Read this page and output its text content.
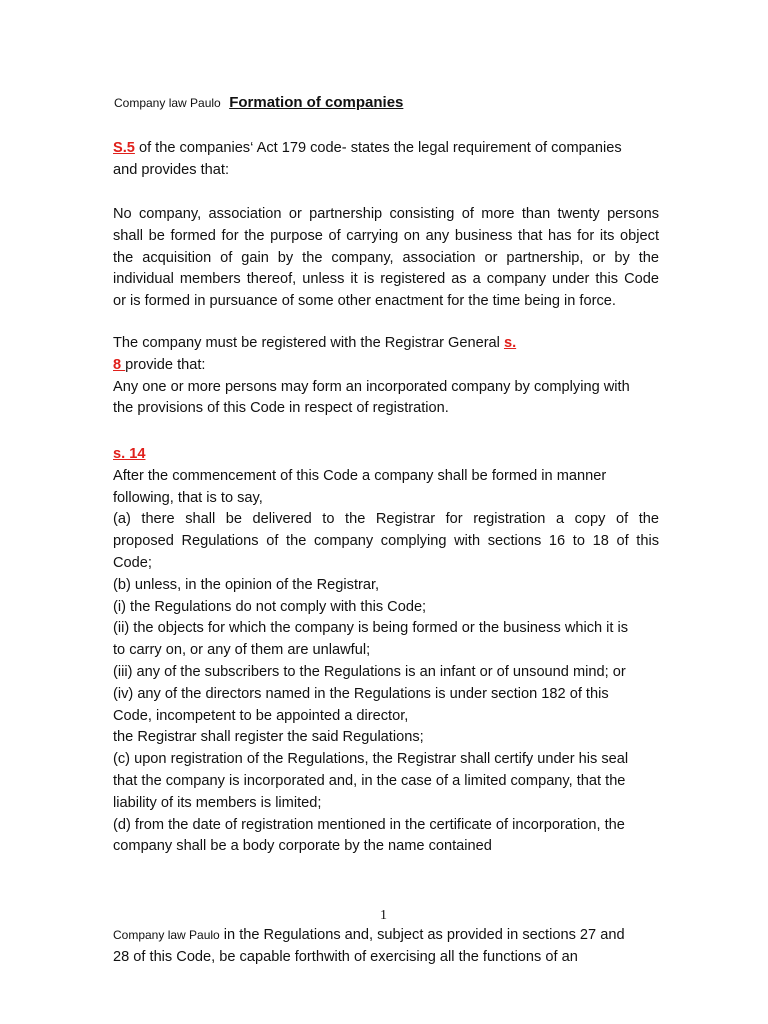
Company law Paulo Formation of companies
S.5 of the companies‘ Act 179 code- states the legal requirement of companies
and provides that:
No company, association or partnership consisting of more than twenty persons
shall be formed for the purpose of carrying on any business that has for its object
the acquisition of gain by the company, association or partnership, or by the
individual members thereof, unless it is registered as a company under this Code
or is formed in pursuance of some other enactment for the time being in force.
The company must be registered with the Registrar General s.
8 provide that:
Any one or more persons may form an incorporated company by complying with
the provisions of this Code in respect of registration.
s. 14
After the commencement of this Code a company shall be formed in manner
following, that is to say,
(a) there shall be delivered to the Registrar for registration a copy of the
proposed Regulations of the company complying with sections 16 to 18 of this
Code;
(b) unless, in the opinion of the Registrar,
(i) the Regulations do not comply with this Code;
(ii) the objects for which the company is being formed or the business which it is
to carry on, or any of them are unlawful;
(iii) any of the subscribers to the Regulations is an infant or of unsound mind; or
(iv) any of the directors named in the Regulations is under section 182 of this
Code, incompetent to be appointed a director,
the Registrar shall register the said Regulations;
(c) upon registration of the Regulations, the Registrar shall certify under his seal
that the company is incorporated and, in the case of a limited company, that the
liability of its members is limited;
(d) from the date of registration mentioned in the certificate of incorporation, the
company shall be a body corporate by the name contained
1
Company law Paulo in the Regulations and, subject as provided in sections 27 and
28 of this Code, be capable forthwith of exercising all the functions of an
